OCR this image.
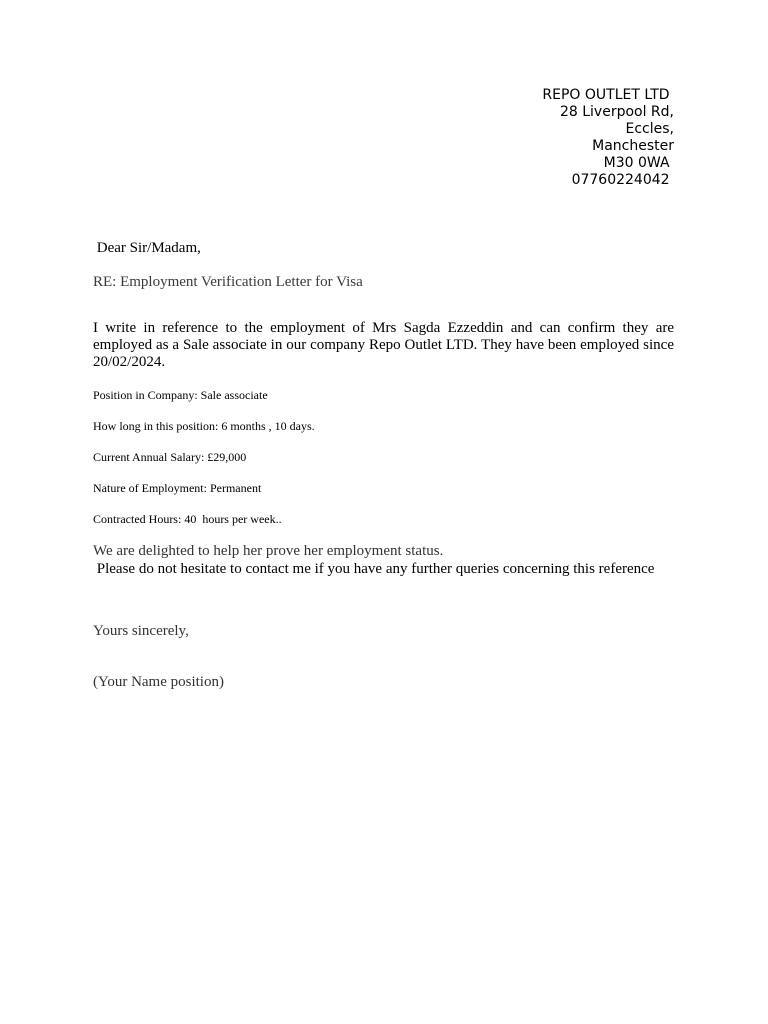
REPO OUTLET LTD
28 Liverpool Rd,
Eccles,
Manchester
M30 0WA
07760224042
Dear Sir/Madam,
RE: Employment Verification Letter for Visa
I write in reference to the employment of Mrs Sagda Ezzeddin and can confirm they are employed as a Sale associate in our company Repo Outlet LTD. They have been employed since 20/02/2024.
Position in Company: Sale associate
How long in this position: 6 months , 10 days.
Current Annual Salary: £29,000
Nature of Employment: Permanent
Contracted Hours: 40  hours per week..
We are delighted to help her prove her employment status.
Please do not hesitate to contact me if you have any further queries concerning this reference
Yours sincerely,
(Your Name position)
